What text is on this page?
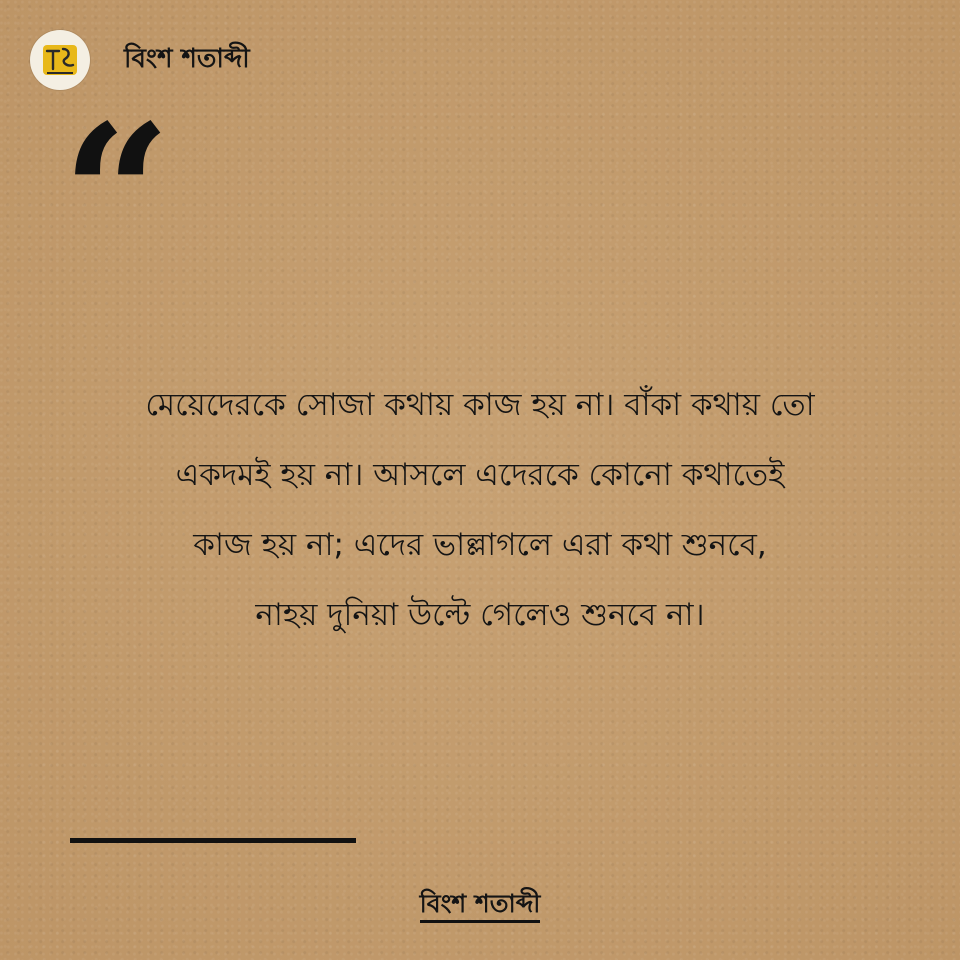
বিংশ শতাব্দী
“
মেয়েদেরকে সোজা কথায় কাজ হয় না। বাঁকা কথায় তো
একদমই হয় না। আসলে এদেরকে কোনো কথাতেই
কাজ হয় না; এদের ভাল্লাগলে এরা কথা শুনবে,
নাহয় দুনিয়া উল্টে গেলেও শুনবে না।
বিংশ শতাব্দী
